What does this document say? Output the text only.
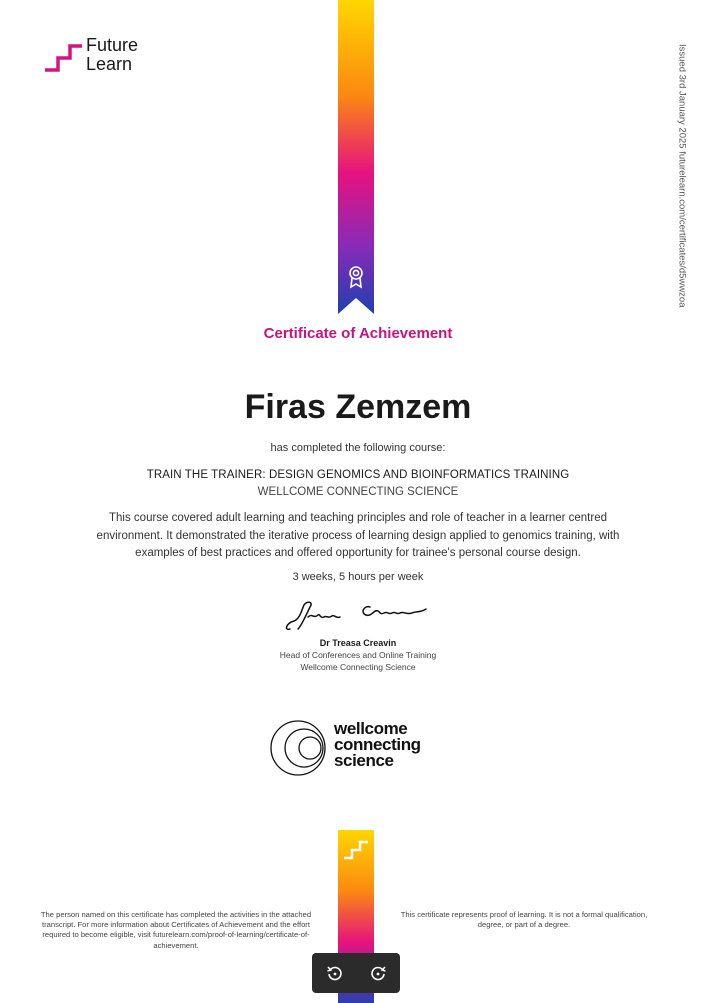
Future
Learn	Issued 3rd January 2025 futurelearn.com/certificates/d5wwzoa
Certificate of Achievement
Firas Zemzem
has completed the following course:
TRAIN THE TRAINER: DESIGN GENOMICS AND BIOINFORMATICS TRAINING
WELLCOME CONNECTING SCIENCE
This course covered adult learning and teaching principles and role of teacher in a learner centred environment. It demonstrated the iterative process of learning design applied to genomics training, with examples of best practices and offered opportunity for trainee's personal course design.
3 weeks, 5 hours per week
Dr Treasa Creavin
Head of Conferences and Online Training
Wellcome Connecting Science
wellcome
connecting
science
The person named on this certificate has completed the activities in the attached transcript. For more information about Certificates of Achievement and the effort required to become eligible, visit futurelearn.com/proof-of-learning/certificate-of-achievement.
This certificate represents proof of learning. It is not a formal qualification, degree, or part of a degree.
